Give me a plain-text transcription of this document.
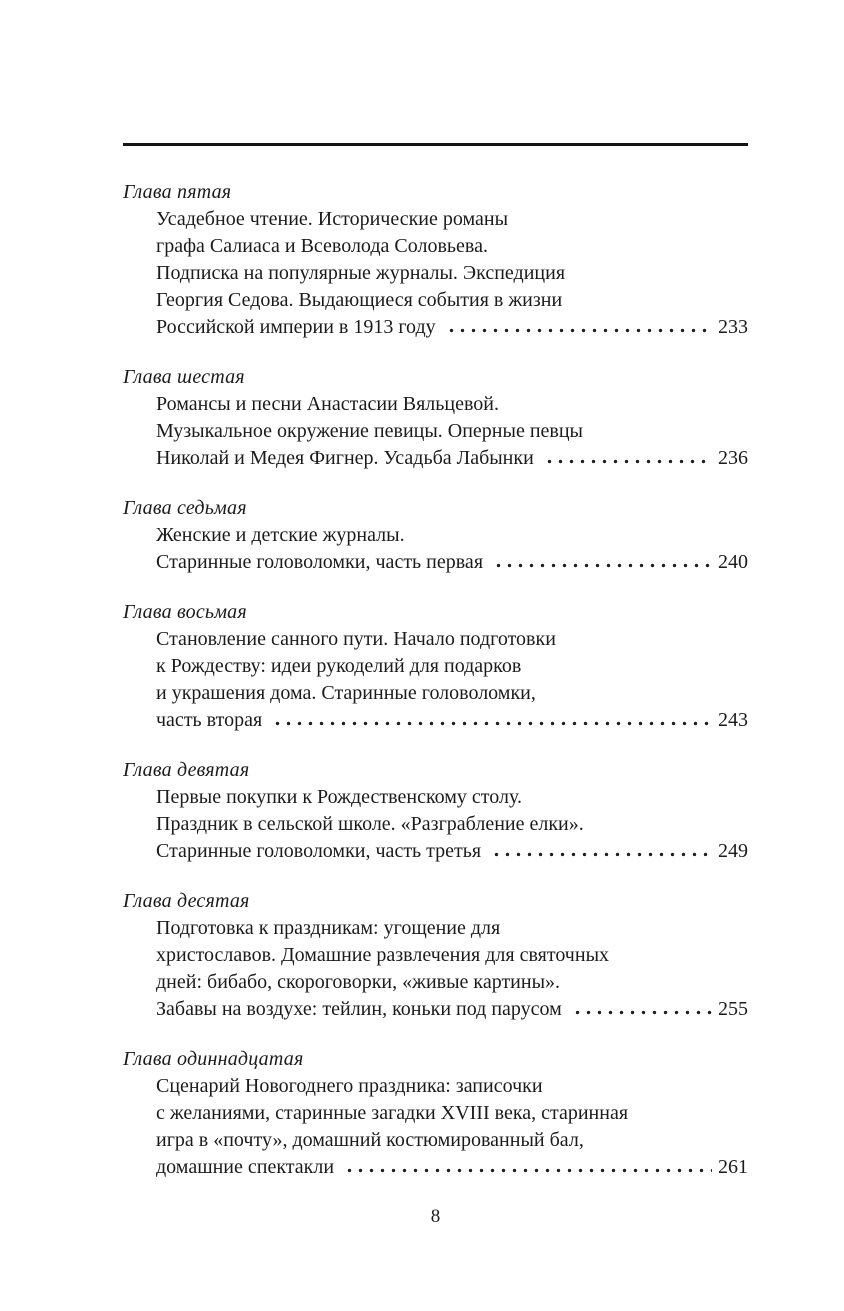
Глава пятая
Усадебное чтение. Исторические романы
графа Салиаса и Всеволода Соловьева.
Подписка на популярные журналы. Экспедиция
Георгия Седова. Выдающиеся события в жизни
Российской империи в 1913 году	233
Глава шестая
Романсы и песни Анастасии Вяльцевой.
Музыкальное окружение певицы. Оперные певцы
Николай и Медея Фигнер. Усадьба Лабынки	236
Глава седьмая
Женские и детские журналы.
Старинные головоломки, часть первая	240
Глава восьмая
Становление санного пути. Начало подготовки
к Рождеству: идеи рукоделий для подарков
и украшения дома. Старинные головоломки,
часть вторая	243
Глава девятая
Первые покупки к Рождественскому столу.
Праздник в сельской школе. «Разграбление елки».
Старинные головоломки, часть третья	249
Глава десятая
Подготовка к праздникам: угощение для
христославов. Домашние развлечения для святочных
дней: бибабо, скороговорки, «живые картины».
Забавы на воздухе: тейлин, коньки под парусом	255
Глава одиннадцатая
Сценарий Новогоднего праздника: записочки
с желаниями, старинные загадки XVIII века, старинная
игра в «почту», домашний костюмированный бал,
домашние спектакли	261
8
